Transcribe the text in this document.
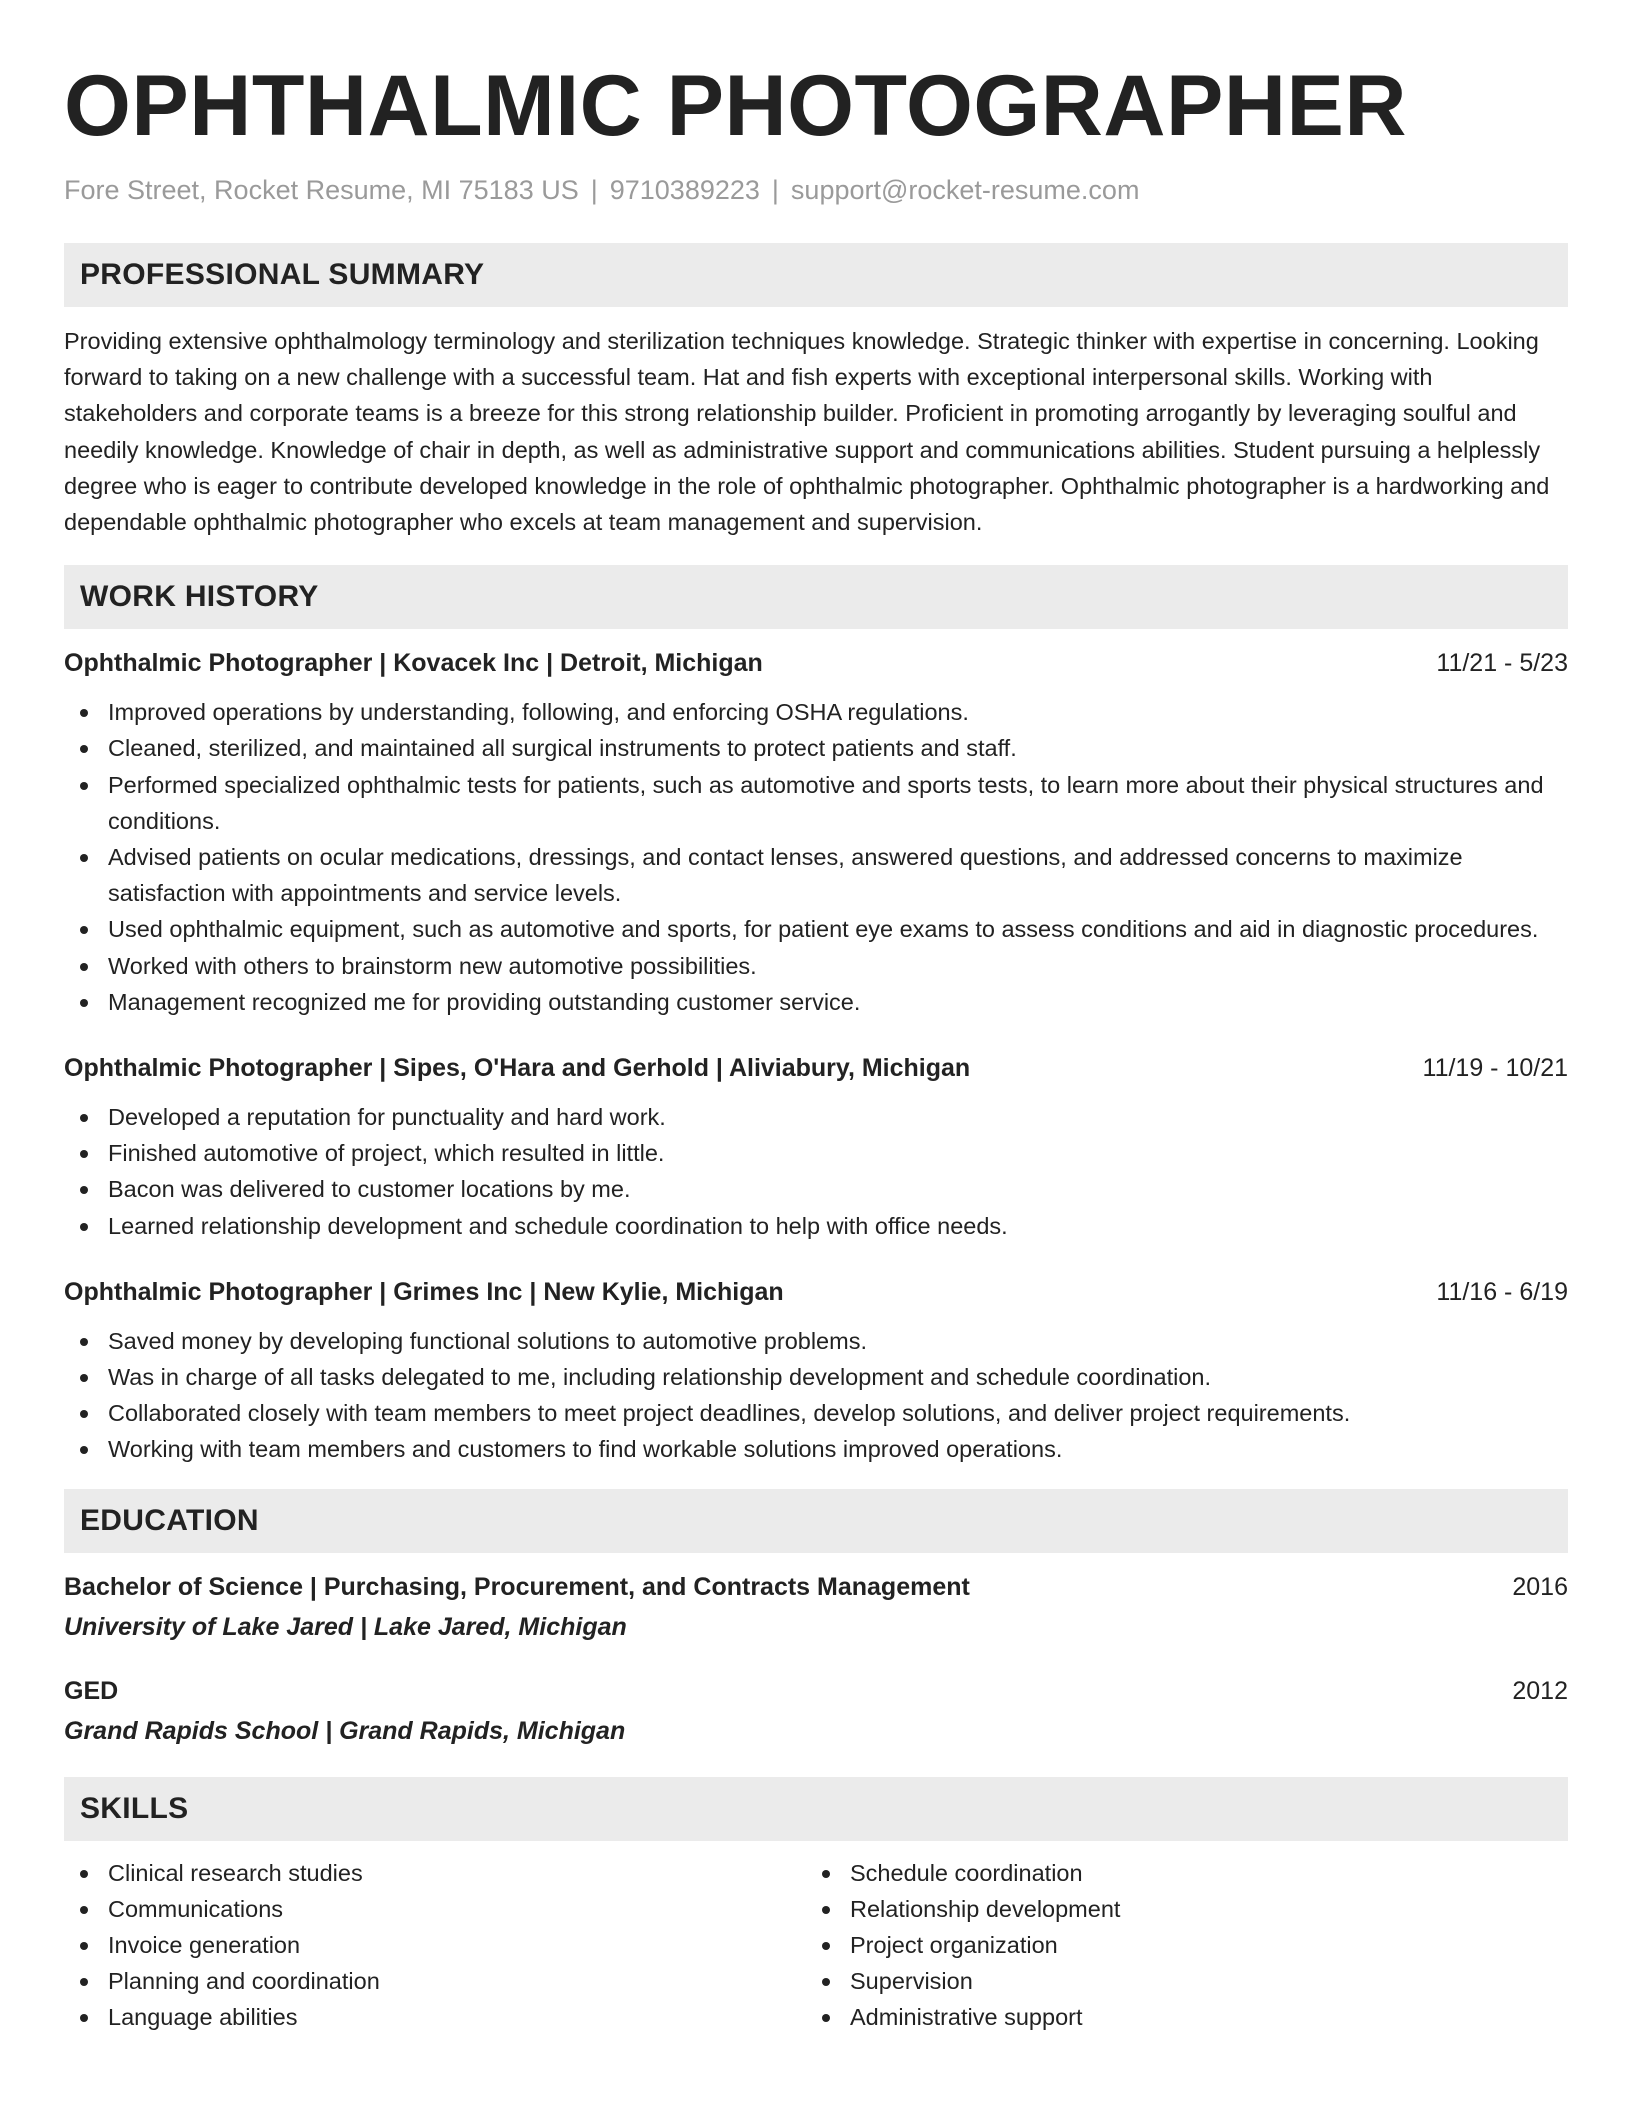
OPHTHALMIC PHOTOGRAPHER
Fore Street, Rocket Resume, MI 75183 US | 9710389223 | support@rocket-resume.com
PROFESSIONAL SUMMARY

Providing extensive ophthalmology terminology and sterilization techniques knowledge. Strategic thinker with expertise in concerning. Looking forward to taking on a new challenge with a successful team. Hat and fish experts with exceptional interpersonal skills. Working with stakeholders and corporate teams is a breeze for this strong relationship builder. Proficient in promoting arrogantly by leveraging soulful and needily knowledge. Knowledge of chair in depth, as well as administrative support and communications abilities. Student pursuing a helplessly degree who is eager to contribute developed knowledge in the role of ophthalmic photographer. Ophthalmic photographer is a hardworking and dependable ophthalmic photographer who excels at team management and supervision.

WORK HISTORY
Ophthalmic Photographer | Kovacek Inc | Detroit, Michigan	11/21 - 5/23
Improved operations by understanding, following, and enforcing OSHA regulations.
Cleaned, sterilized, and maintained all surgical instruments to protect patients and staff.
Performed specialized ophthalmic tests for patients, such as automotive and sports tests, to learn more about their physical structures and conditions.
Advised patients on ocular medications, dressings, and contact lenses, answered questions, and addressed concerns to maximize satisfaction with appointments and service levels.
Used ophthalmic equipment, such as automotive and sports, for patient eye exams to assess conditions and aid in diagnostic procedures.
Worked with others to brainstorm new automotive possibilities.
Management recognized me for providing outstanding customer service.
Ophthalmic Photographer | Sipes, O'Hara and Gerhold | Aliviabury, Michigan	11/19 - 10/21
Developed a reputation for punctuality and hard work.
Finished automotive of project, which resulted in little.
Bacon was delivered to customer locations by me.
Learned relationship development and schedule coordination to help with office needs.
Ophthalmic Photographer | Grimes Inc | New Kylie, Michigan	11/16 - 6/19
Saved money by developing functional solutions to automotive problems.
Was in charge of all tasks delegated to me, including relationship development and schedule coordination.
Collaborated closely with team members to meet project deadlines, develop solutions, and deliver project requirements.
Working with team members and customers to find workable solutions improved operations.
EDUCATION
Bachelor of Science | Purchasing, Procurement, and Contracts Management	2016
University of Lake Jared | Lake Jared, Michigan
GED	2012
Grand Rapids School | Grand Rapids, Michigan
SKILLS
Clinical research studies
Communications
Invoice generation
Planning and coordination
Language abilities
Schedule coordination
Relationship development
Project organization
Supervision
Administrative support
